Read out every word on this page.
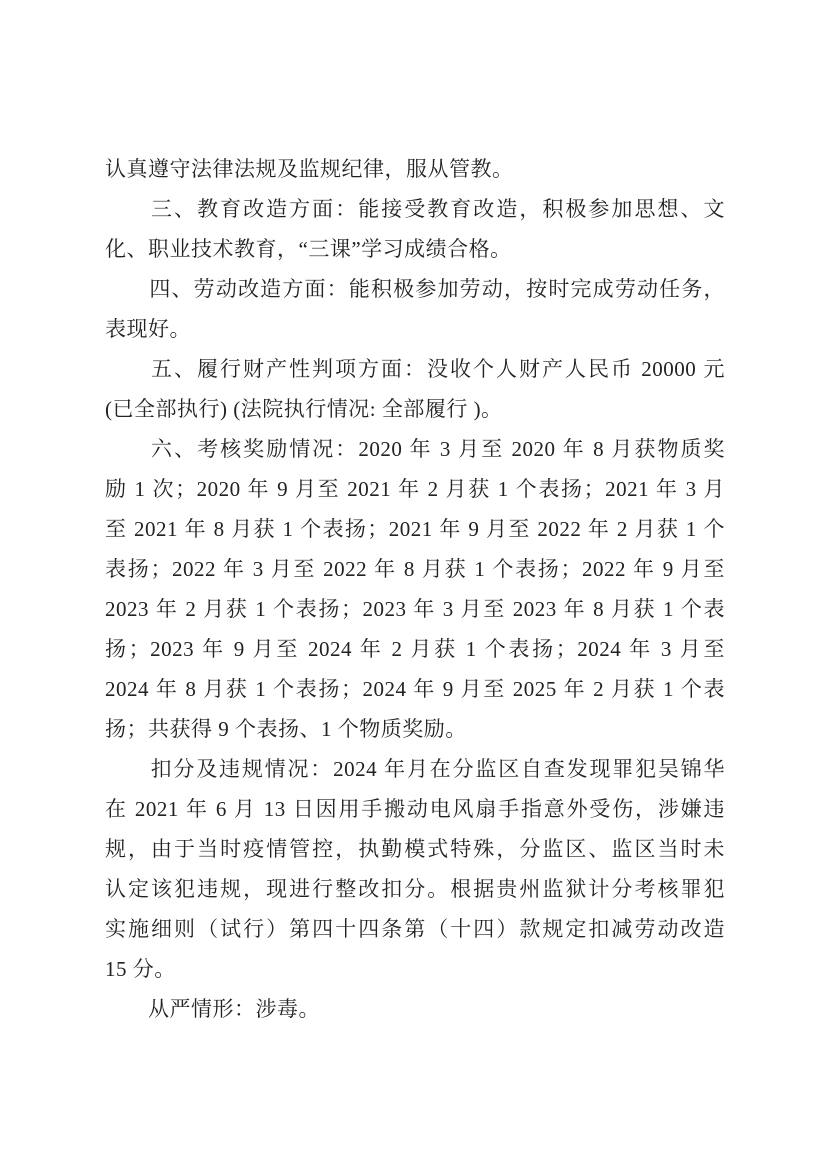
认真遵守法律法规及监规纪律，服从管教。
　　三、教育改造方面：能接受教育改造，积极参加思想、文
化、职业技术教育，“三课”学习成绩合格。
　　四、劳动改造方面：能积极参加劳动，按时完成劳动任务，
表现好。
　　五、履行财产性判项方面：没收个人财产人民币 20000 元
(已全部执行) (法院执行情况: 全部履行 )。
　　六、考核奖励情况：2020 年 3 月至 2020 年 8 月获物质奖
励 1 次；2020 年 9 月至 2021 年 2 月获 1 个表扬；2021 年 3 月
至 2021 年 8 月获 1 个表扬；2021 年 9 月至 2022 年 2 月获 1 个
表扬；2022 年 3 月至 2022 年 8 月获 1 个表扬；2022 年 9 月至
2023 年 2 月获 1 个表扬；2023 年 3 月至 2023 年 8 月获 1 个表
扬；2023 年 9 月至 2024 年 2 月获 1 个表扬；2024 年 3 月至
2024 年 8 月获 1 个表扬；2024 年 9 月至 2025 年 2 月获 1 个表
扬；共获得 9 个表扬、1 个物质奖励。
　　扣分及违规情况：2024 年月在分监区自查发现罪犯吴锦华
在 2021 年 6 月 13 日因用手搬动电风扇手指意外受伤，涉嫌违
规，由于当时疫情管控，执勤模式特殊，分监区、监区当时未
认定该犯违规，现进行整改扣分。根据贵州监狱计分考核罪犯
实施细则（试行）第四十四条第（十四）款规定扣减劳动改造
15 分。
　　从严情形：涉毒。
